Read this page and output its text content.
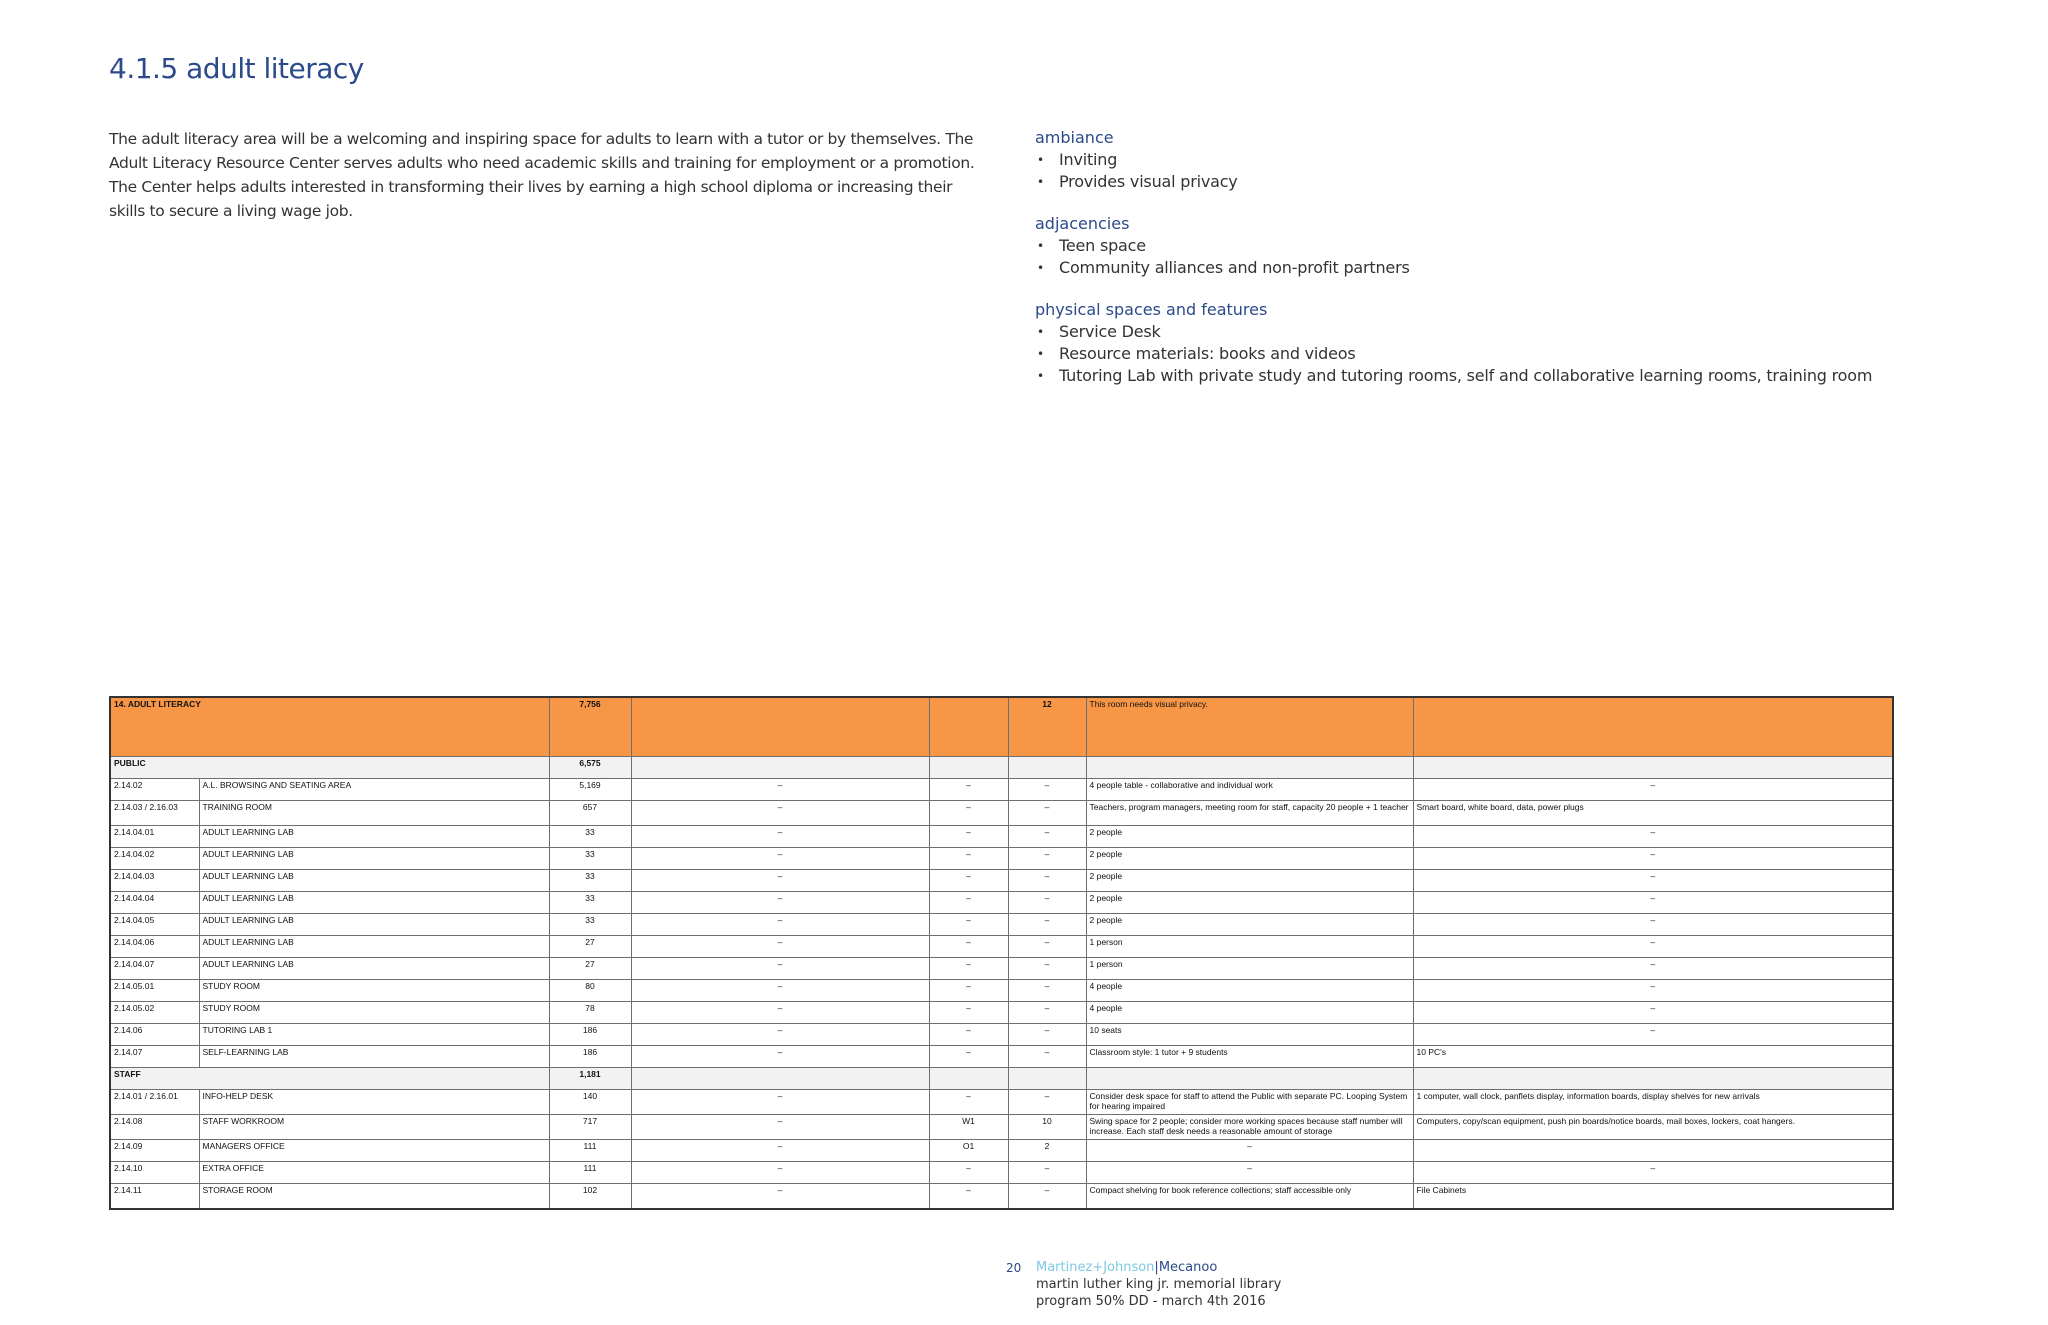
4.1.5 adult literacy

The adult literacy area will be a welcoming and inspiring space for adults to learn with a tutor or by themselves. The Adult Literacy Resource Center serves adults who need academic skills and training for employment or a promotion. The Center helps adults interested in transforming their lives by earning a high school diploma or increasing their skills to secure a living wage job.

ambiance
• Inviting
• Provides visual privacy
adjacencies
• Teen space
• Community alliances and non-profit partners
physical spaces and features
• Service Desk
• Resource materials: books and videos
• Tutoring Lab with private study and tutoring rooms, self and collaborative learning rooms, training room
14. ADULT LITERACY		7,756			12	This room needs visual privacy.	
PUBLIC		6,575					
2.14.02	A.L. BROWSING AND SEATING AREA	5,169	–	–	–	4 people table - collaborative and individual work	–
2.14.03 / 2.16.03	TRAINING ROOM	657	–	–	–	Teachers, program managers, meeting room for staff, capacity 20 people + 1 teacher	Smart board, white board, data, power plugs
2.14.04.01	ADULT LEARNING LAB	33	–	–	–	2 people	–
2.14.04.02	ADULT LEARNING LAB	33	–	–	–	2 people	–
2.14.04.03	ADULT LEARNING LAB	33	–	–	–	2 people	–
2.14.04.04	ADULT LEARNING LAB	33	–	–	–	2 people	–
2.14.04.05	ADULT LEARNING LAB	33	–	–	–	2 people	–
2.14.04.06	ADULT LEARNING LAB	27	–	–	–	1 person	–
2.14.04.07	ADULT LEARNING LAB	27	–	–	–	1 person	–
2.14.05.01	STUDY ROOM	80	–	–	–	4 people	–
2.14.05.02	STUDY ROOM	78	–	–	–	4 people	–
2.14.06	TUTORING LAB 1	186	–	–	–	10 seats	–
2.14.07	SELF-LEARNING LAB	186	–	–	–	Classroom style: 1 tutor + 9 students	10 PC's
STAFF		1,181					
2.14.01 / 2.16.01	INFO-HELP DESK	140	–	–	–	Consider desk space for staff to attend the Public with separate PC. Looping System for hearing impaired	1 computer, wall clock, panflets display, information boards, display shelves for new arrivals
2.14.08	STAFF WORKROOM	717	–	W1	10	Swing space for 2 people; consider more working spaces because staff number will increase. Each staff desk needs a reasonable amount of storage	Computers, copy/scan equipment, push pin boards/notice boards, mail boxes, lockers, coat hangers.
2.14.09	MANAGERS OFFICE	111	–	O1	2	–	
2.14.10	EXTRA OFFICE	111	–	–	–	–	–
2.14.11	STORAGE ROOM	102	–	–	–	Compact shelving for book reference collections; staff accessible only	File Cabinets
20 Martinez+Johnson|Mecanoo
martin luther king jr. memorial library
program 50% DD - march 4th 2016
